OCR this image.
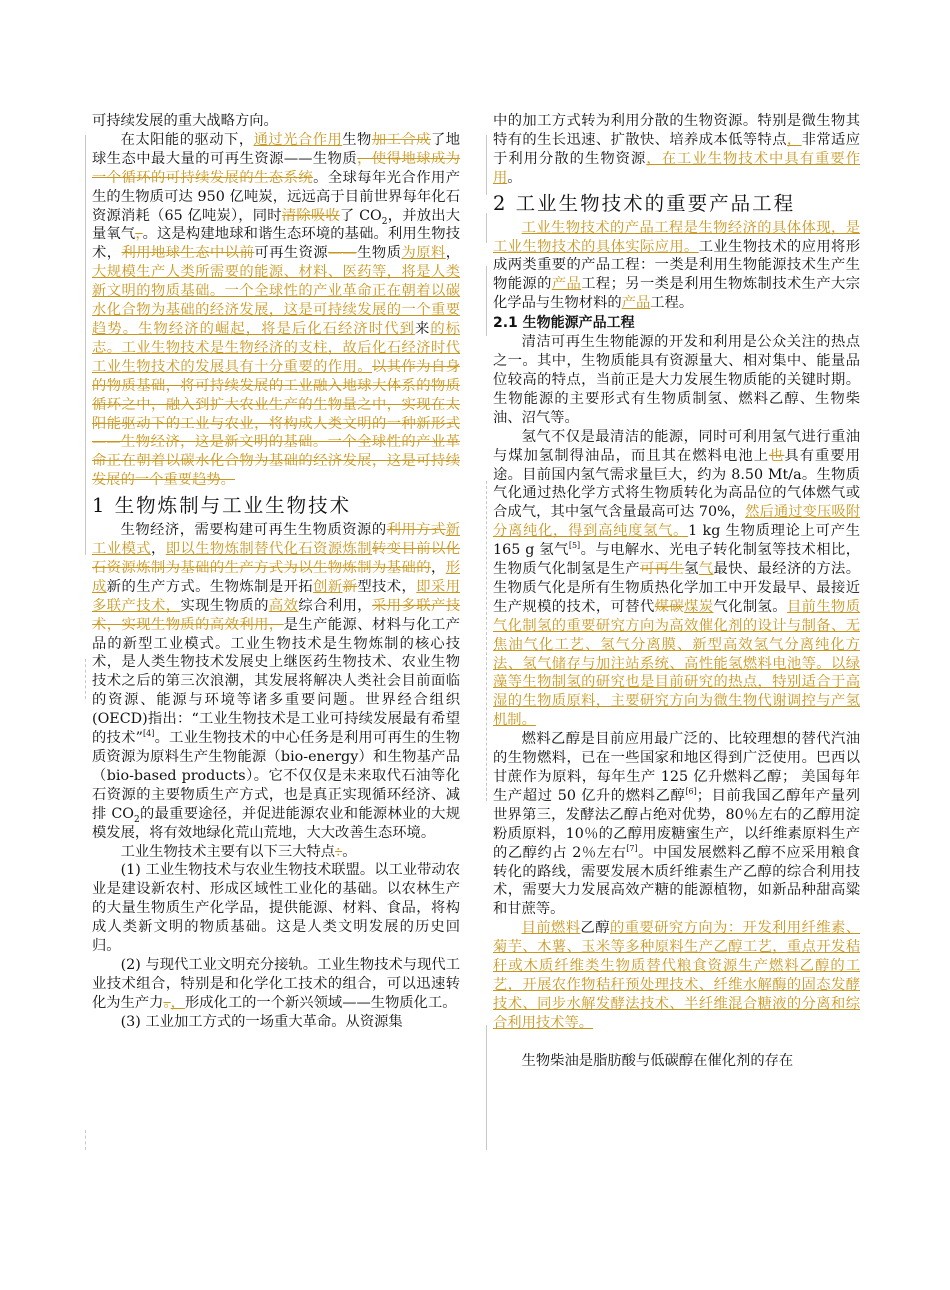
可持续发展的重大战略方向。

在太阳能的驱动下，通过光合作用生物加工合成了地球生态中最大量的可再生资源——生物质，使得地球成为一个循环的可持续发展的生态系统。全球每年光合作用产生的生物质可达 950 亿吨炭，远远高于目前世界每年化石资源消耗（65 亿吨炭），同时清除吸收了 $CO_2$，并放出大量氧气，。这是构建地球和谐生态环境的基础。利用生物技术，利用地球生态中以前可再生资源——生物质为原料，大规模生产人类所需要的能源、材料、医药等，将是人类新文明的物质基础。一个全球性的产业革命正在朝着以碳水化合物为基础的经济发展，这是可持续发展的一个重要趋势。生物经济的崛起，将是后化石经济时代到来的标志。工业生物技术是生物经济的支柱，故后化石经济时代工业生物技术的发展具有十分重要的作用。以其作为自身的物质基础，将可持续发展的工业融入地球大体系的物质循环之中，融入到扩大农业生产的生物量之中，实现在太阳能驱动下的工业与农业，将构成人类文明的一种新形式——生物经济，这是新文明的基础。一个全球性的产业革命正在朝着以碳水化合物为基础的经济发展，这是可持续发展的一个重要趋势。

1 生物炼制与工业生物技术

生物经济，需要构建可再生生物质资源的利用方式新工业模式，即以生物炼制替代化石资源炼制转变目前以化石资源炼制为基础的生产方式为以生物炼制为基础的，形成新的生产方式。生物炼制是开拓创新新型技术，即采用多联产技术，实现生物质的高效综合利用，采用多联产技术，实现生物质的高效利用，是生产能源、材料与化工产品的新型工业模式。工业生物技术是生物炼制的核心技术，是人类生物技术发展史上继医药生物技术、农业生物技术之后的第三次浪潮，其发展将解决人类社会目前面临的资源、能源与环境等诸多重要问题。世界经合组织(OECD)指出：“工业生物技术是工业可持续发展最有希望的技术”[4]。工业生物技术的中心任务是利用可再生的生物质资源为原料生产生物能源（bio-energy）和生物基产品（bio-based products）。它不仅仅是未来取代石油等化石资源的主要物质生产方式，也是真正实现循环经济、减排 $CO_2$的最重要途径，并促进能源农业和能源林业的大规模发展，将有效地绿化荒山荒地，大大改善生态环境。

工业生物技术主要有以下三大特点：。

(1) 工业生物技术与农业生物技术联盟。以工业带动农业是建设新农村、形成区域性工业化的基础。以农林生产的大量生物质生产化学品，提供能源、材料、食品，将构成人类新文明的物质基础。这是人类文明发展的历史回归。

(2) 与现代工业文明充分接轨。工业生物技术与现代工业技术组合，特别是和化学化工技术的组合，可以迅速转化为生产力。，形成化工的一个新兴领域——生物质化工。

(3) 工业加工方式的一场重大革命。从资源集

中的加工方式转为利用分散的生物资源。特别是微生物其特有的生长迅速、扩散快、培养成本低等特点，非常适应于利用分散的生物资源，在工业生物技术中具有重要作用。

2 工业生物技术的重要产品工程

工业生物技术的产品工程是生物经济的具体体现，是工业生物技术的具体实际应用。工业生物技术的应用将形成两类重要的产品工程：一类是利用生物能源技术生产生物能源的产品工程；另一类是利用生物炼制技术生产大宗化学品与生物材料的产品工程。

2.1 生物能源产品工程

清洁可再生生物能源的开发和利用是公众关注的热点之一。其中，生物质能具有资源量大、相对集中、能量品位较高的特点，当前正是大力发展生物质能的关键时期。生物能源的主要形式有生物质制氢、燃料乙醇、生物柴油、沼气等。

氢气不仅是最清洁的能源，同时可利用氢气进行重油与煤加氢制得油品，而且其在燃料电池上也具有重要用途。目前国内氢气需求量巨大，约为 8.50 Mt/a。生物质气化通过热化学方式将生物质转化为高品位的气体燃气或合成气，其中氢气含量最高可达 70%，然后通过变压吸附分离纯化，得到高纯度氢气。1 kg 生物质理论上可产生 165 g 氢气[5]。与电解水、光电子转化制氢等技术相比，生物质气化制氢是生产可再生氢气最快、最经济的方法。生物质气化是所有生物质热化学加工中开发最早、最接近生产规模的技术，可替代煤碳煤炭气化制氢。目前生物质气化制氢的重要研究方向为高效催化剂的设计与制备、无焦油气化工艺、氢气分离膜、新型高效氢气分离纯化方法、氢气储存与加注站系统、高性能氢燃料电池等。以绿藻等生物制氢的研究也是目前研究的热点，特别适合于高湿的生物质原料，主要研究方向为微生物代谢调控与产氢机制。

燃料乙醇是目前应用最广泛的、比较理想的替代汽油的生物燃料，已在一些国家和地区得到广泛使用。巴西以甘蔗作为原料，每年生产 125 亿升燃料乙醇； 美国每年生产超过 50 亿升的燃料乙醇[6]；目前我国乙醇年产量列世界第三，发酵法乙醇占绝对优势，80％左右的乙醇用淀粉质原料，10％的乙醇用废糖蜜生产，以纤维素原料生产的乙醇约占 2％左右[7]。中国发展燃料乙醇不应采用粮食转化的路线，需要发展木质纤维素生产乙醇的综合利用技术，需要大力发展高效产糖的能源植物，如新品种甜高粱和甘蔗等。

目前燃料乙醇的重要研究方向为：开发利用纤维素、菊芋、木薯、玉米等多种原料生产乙醇工艺，重点开发秸秆或木质纤维类生物质替代粮食资源生产燃料乙醇的工艺，开展农作物秸秆预处理技术、纤维水解酶的固态发酵技术、同步水解发酵法技术、半纤维混合糖液的分离和综合利用技术等。

生物柴油是脂肪酸与低碳醇在催化剂的存在
